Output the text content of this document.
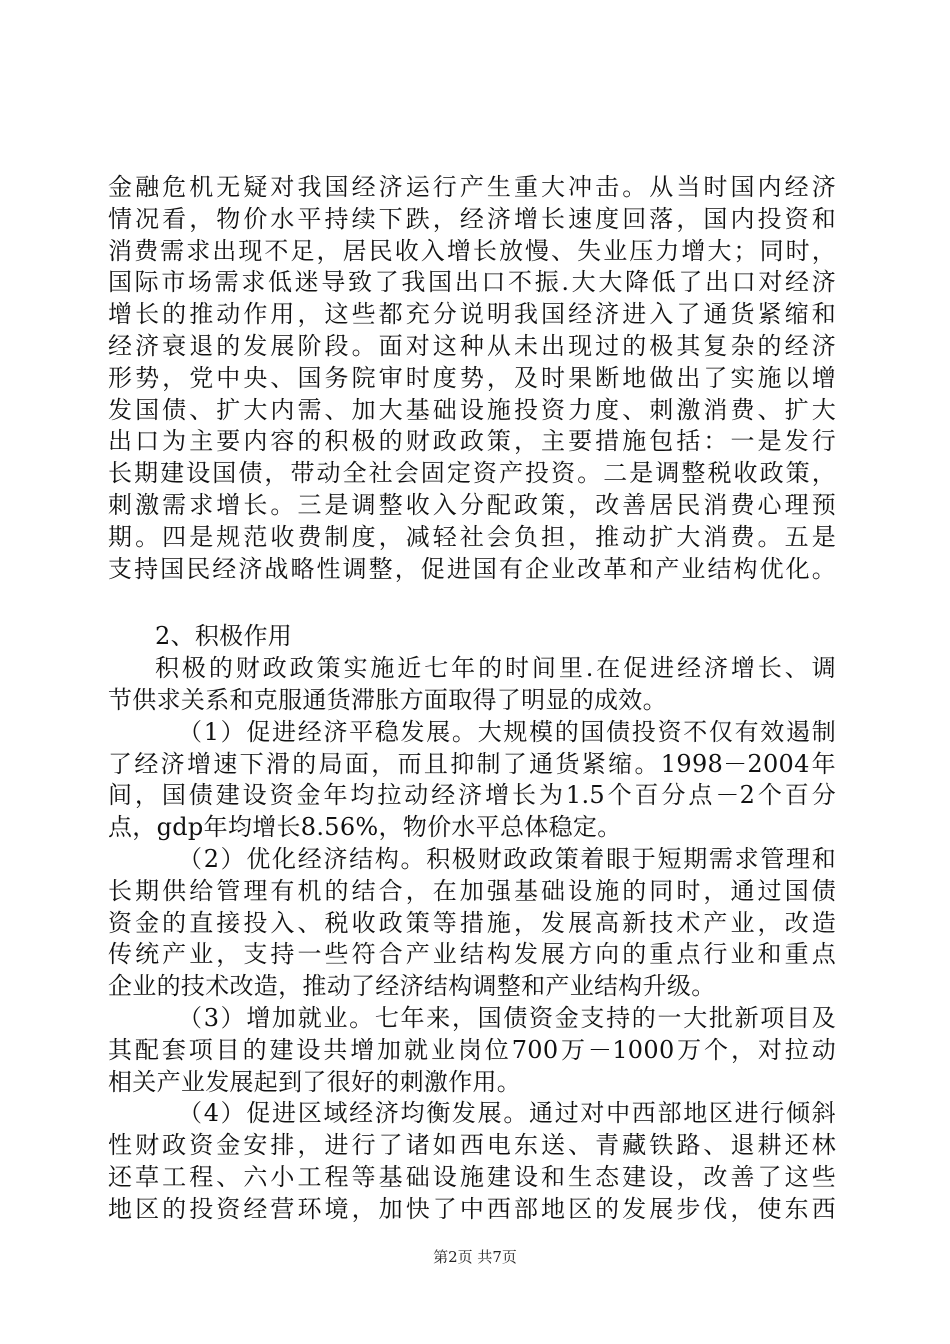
金融危机无疑对我国经济运行产生重大冲击。从当时国内经济
情况看，物价水平持续下跌，经济增长速度回落，国内投资和
消费需求出现不足，居民收入增长放慢、失业压力增大；同时，
国际市场需求低迷导致了我国出口不振.大大降低了出口对经济
增长的推动作用，这些都充分说明我国经济进入了通货紧缩和
经济衰退的发展阶段。面对这种从未出现过的极其复杂的经济
形势，党中央、国务院审时度势，及时果断地做出了实施以增
发国债、扩大内需、加大基础设施投资力度、刺激消费、扩大
出口为主要内容的积极的财政政策，主要措施包括：一是发行
长期建设国债，带动全社会固定资产投资。二是调整税收政策，
刺激需求增长。三是调整收入分配政策，改善居民消费心理预
期。四是规范收费制度，减轻社会负担，推动扩大消费。五是
支持国民经济战略性调整，促进国有企业改革和产业结构优化。
2、积极作用
积极的财政政策实施近七年的时间里.在促进经济增长、调
节供求关系和克服通货滞胀方面取得了明显的成效。
（1）促进经济平稳发展。大规模的国债投资不仅有效遏制
了经济增速下滑的局面，而且抑制了通货紧缩。1998－2004年
间，国债建设资金年均拉动经济增长为1.5个百分点－2个百分
点，gdp年均增长8.56%，物价水平总体稳定。
（2）优化经济结构。积极财政政策着眼于短期需求管理和
长期供给管理有机的结合，在加强基础设施的同时，通过国债
资金的直接投入、税收政策等措施，发展高新技术产业，改造
传统产业，支持一些符合产业结构发展方向的重点行业和重点
企业的技术改造，推动了经济结构调整和产业结构升级。
（3）增加就业。七年来，国债资金支持的一大批新项目及
其配套项目的建设共增加就业岗位700万－1000万个，对拉动
相关产业发展起到了很好的刺激作用。
（4）促进区域经济均衡发展。通过对中西部地区进行倾斜
性财政资金安排，进行了诸如西电东送、青藏铁路、退耕还林
还草工程、六小工程等基础设施建设和生态建设，改善了这些
地区的投资经营环境，加快了中西部地区的发展步伐，使东西
第2页 共7页
